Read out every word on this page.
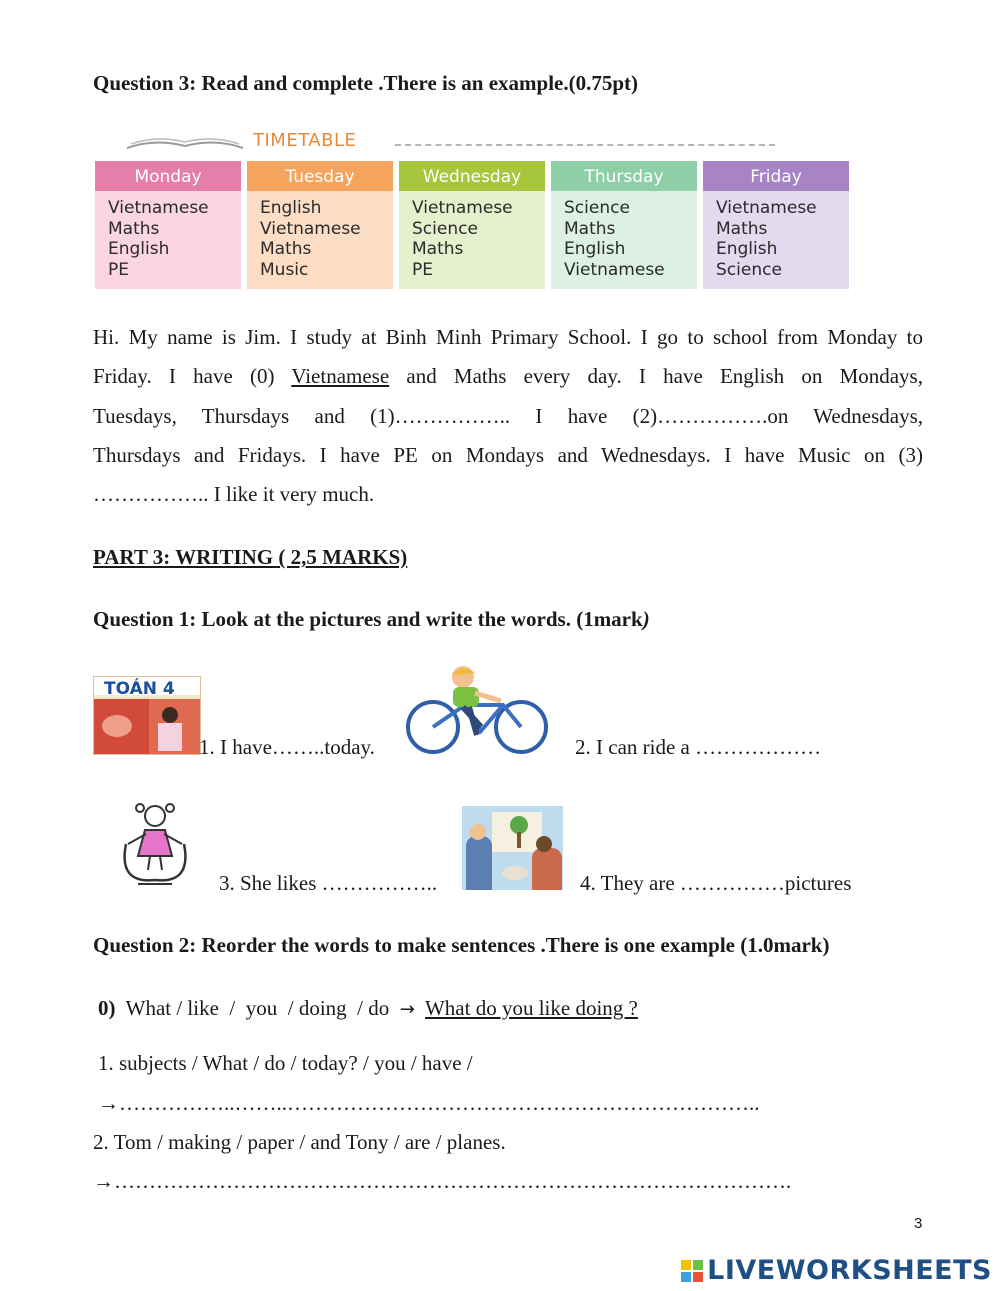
Question 3: Read and complete .There is an example.(0.75pt)
TIMETABLE
Monday
Vietnamese
Maths
English
PE
Tuesday
English
Vietnamese
Maths
Music
Wednesday
Vietnamese
Science
Maths
PE
Thursday
Science
Maths
English
Vietnamese
Friday
Vietnamese
Maths
English
Science
Hi. My name is Jim. I study at Binh Minh Primary School. I go to school from Monday to
Friday. I have (0) Vietnamese and Maths every day. I have English on Mondays,
Tuesdays, Thursdays and (1)…………….. I have (2)…………….on Wednesdays,
Thursdays and Fridays. I have PE on Mondays and Wednesdays. I have Music on (3)
…………….. I like it very much.
PART 3: WRITING ( 2,5 MARKS)
Question 1: Look at the pictures and write the words. (1mark)
TOÁN 4
1. I have……..today.	2. I can ride a ………………
3. She likes ……………..	4. They are ……………pictures
Question 2: Reorder the words to make sentences .There is one example (1.0mark)
0) What / like  /  you  / doing  / do → What do you like doing ?
1. subjects / What / do / today? / you / have /
→……………..……..…………………………………………………………..
2. Tom / making / paper / and Tony / are / planes.
→…………………………………………………………………………………….
3
LIVEWORKSHEETS
